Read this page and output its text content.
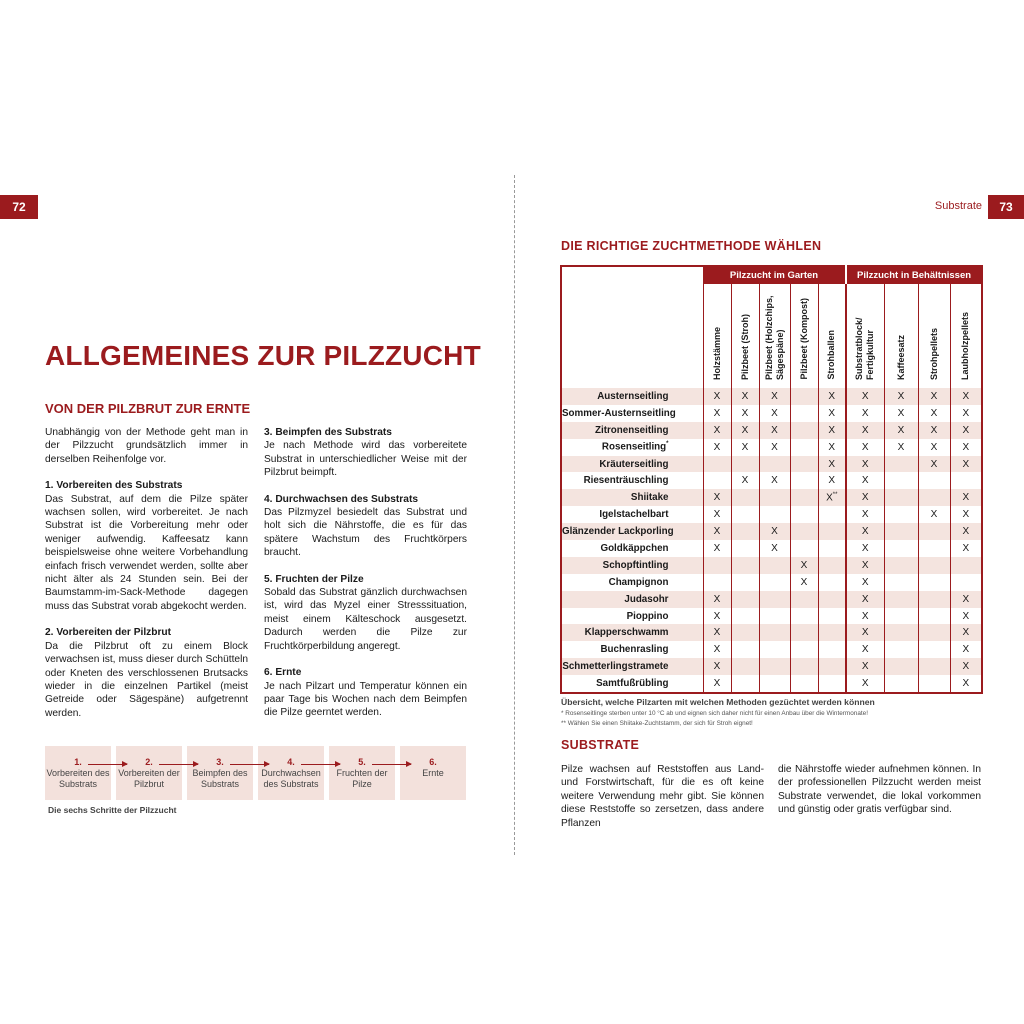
72
ALLGEMEINES ZUR PILZZUCHT
VON DER PILZBRUT ZUR ERNTE

Unabhängig von der Methode geht man in der Pilzzucht grundsätzlich immer in derselben Reihenfolge vor.

1. Vorbereiten des Substrats
Das Substrat, auf dem die Pilze später wachsen sollen, wird vorbereitet. Je nach Substrat ist die Vorbereitung mehr oder weniger aufwendig. Kaffeesatz kann beispielsweise ohne weitere Vorbehandlung einfach frisch verwendet werden, sollte aber nicht älter als 24 Stunden sein. Bei der Baumstamm-im-Sack-Methode dagegen muss das Substrat vorab abgekocht werden.

2. Vorbereiten der Pilzbrut
Da die Pilzbrut oft zu einem Block verwachsen ist, muss dieser durch Schütteln oder Kneten des verschlossenen Brutsacks wieder in die einzelnen Partikel (meist Getreide oder Sägespäne) aufgetrennt werden.

3. Beimpfen des Substrats
Je nach Methode wird das vorbereitete Substrat in unterschiedlicher Weise mit der Pilzbrut beimpft.

4. Durchwachsen des Substrats
Das Pilzmyzel besiedelt das Substrat und holt sich die Nährstoffe, die es für das spätere Wachstum des Fruchtkörpers braucht.

5. Fruchten der Pilze
Sobald das Substrat gänzlich durchwachsen ist, wird das Myzel einer Stresssituation, meist einem Kälteschock ausgesetzt. Dadurch werden die Pilze zur Fruchtkörperbildung angeregt.

6. Ernte
Je nach Pilzart und Temperatur können ein paar Tage bis Wochen nach dem Beimpfen die Pilze geerntet werden.

1.
Vorbereiten des Substrats
2.
Vorbereiten der Pilzbrut
3.
Beimpfen des Substrats
4.
Durchwachsen des Substrats
5.
Fruchten der Pilze
6.
Ernte
Die sechs Schritte der Pilzzucht
Substrate	73
DIE RICHTIGE ZUCHTMETHODE WÄHLEN
	Pilzzucht im Garten					Pilzzucht in Behältnissen			
	Holzstämme	Pilzbeet (Stroh)	Pilzbeet (Holzchips, Sägespäne)	Pilzbeet (Kompost)	Strohballen	Substratblock/ Fertigkultur	Kaffeesatz	Strohpellets	Laubholzpellets
Austernseitling	X	X	X		X	X	X	X	X
Sommer-Austernseitling	X	X	X		X	X	X	X	X
Zitronenseitling	X	X	X		X	X	X	X	X
Rosenseitling*	X	X	X		X	X	X	X	X
Kräuterseitling					X	X		X	X
Riesenträuschling		X	X		X	X			
Shiitake	X				X**	X			X
Igelstachelbart	X					X		X	X
Glänzender Lackporling	X		X			X			X
Goldkäppchen	X		X			X			X
Schopftintling				X		X			
Champignon				X		X			
Judasohr	X					X			X
Pioppino	X					X			X
Klapperschwamm	X					X			X
Buchenrasling	X					X			X
Schmetterlingstramete	X					X			X
Samtfußrübling	X					X			X
Übersicht, welche Pilzarten mit welchen Methoden gezüchtet werden können
* Rosenseitlinge sterben unter 10 °C ab und eignen sich daher nicht für einen Anbau über die Wintermonate!
** Wählen Sie einen Shiitake-Zuchtstamm, der sich für Stroh eignet!
SUBSTRATE
Pilze wachsen auf Reststoffen aus Land- und Forstwirtschaft, für die es oft keine weitere Verwendung mehr gibt. Sie können diese Reststoffe so zersetzen, dass andere Pflanzen
die Nährstoffe wieder aufnehmen können. In der professionellen Pilzzucht werden meist Substrate verwendet, die lokal vorkommen und günstig oder gratis verfügbar sind.
